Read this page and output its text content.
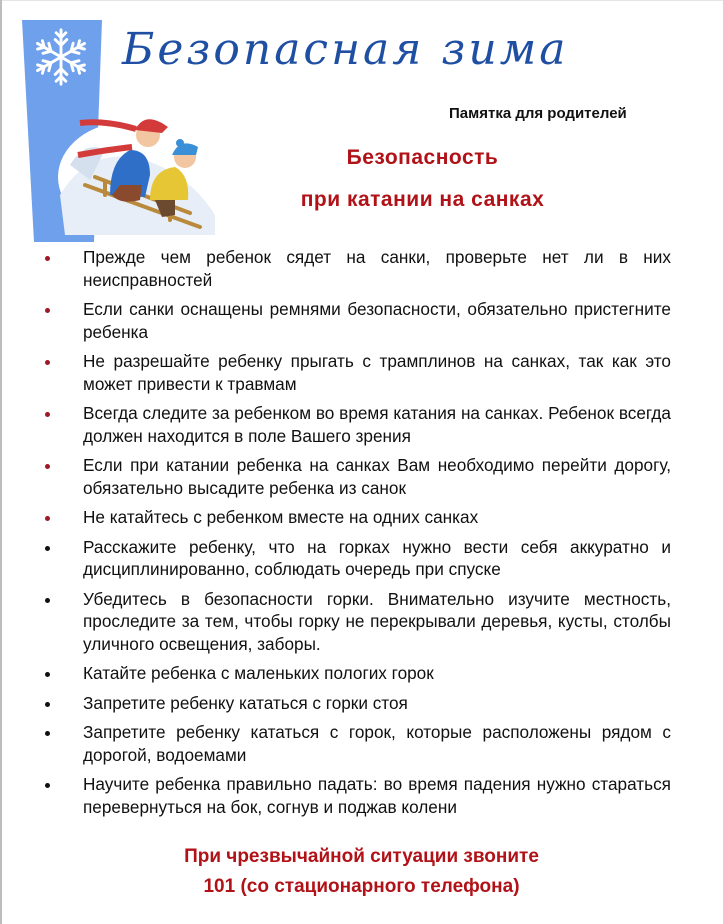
Безопасная зима
Памятка для родителей
Безопасность
при катании на санках
Прежде чем ребенок сядет на санки, проверьте нет ли в них неисправностей
Если санки оснащены ремнями безопасности, обязательно пристегните ребенка
Не разрешайте ребенку прыгать с трамплинов на санках, так как это может привести к травмам
Всегда следите за ребенком во время катания на санках. Ребенок всегда должен находится в поле Вашего зрения
Если при катании ребенка на санках Вам необходимо перейти дорогу, обязательно высадите ребенка из санок
Не катайтесь с ребенком вместе на одних санках
Расскажите ребенку, что на горках нужно вести себя аккуратно и дисциплинированно, соблюдать очередь при спуске
Убедитесь в безопасности горки. Внимательно изучите местность, проследите за тем, чтобы горку не перекрывали деревья, кусты, столбы уличного освещения, заборы.
Катайте ребенка с маленьких пологих горок
Запретите ребенку кататься с горки стоя
Запретите ребенку кататься с горок, которые расположены рядом с дорогой, водоемами
Научите ребенка правильно падать: во время падения нужно стараться перевернуться на бок, согнув и поджав колени
При чрезвычайной ситуации звоните
101 (со стационарного телефона)
